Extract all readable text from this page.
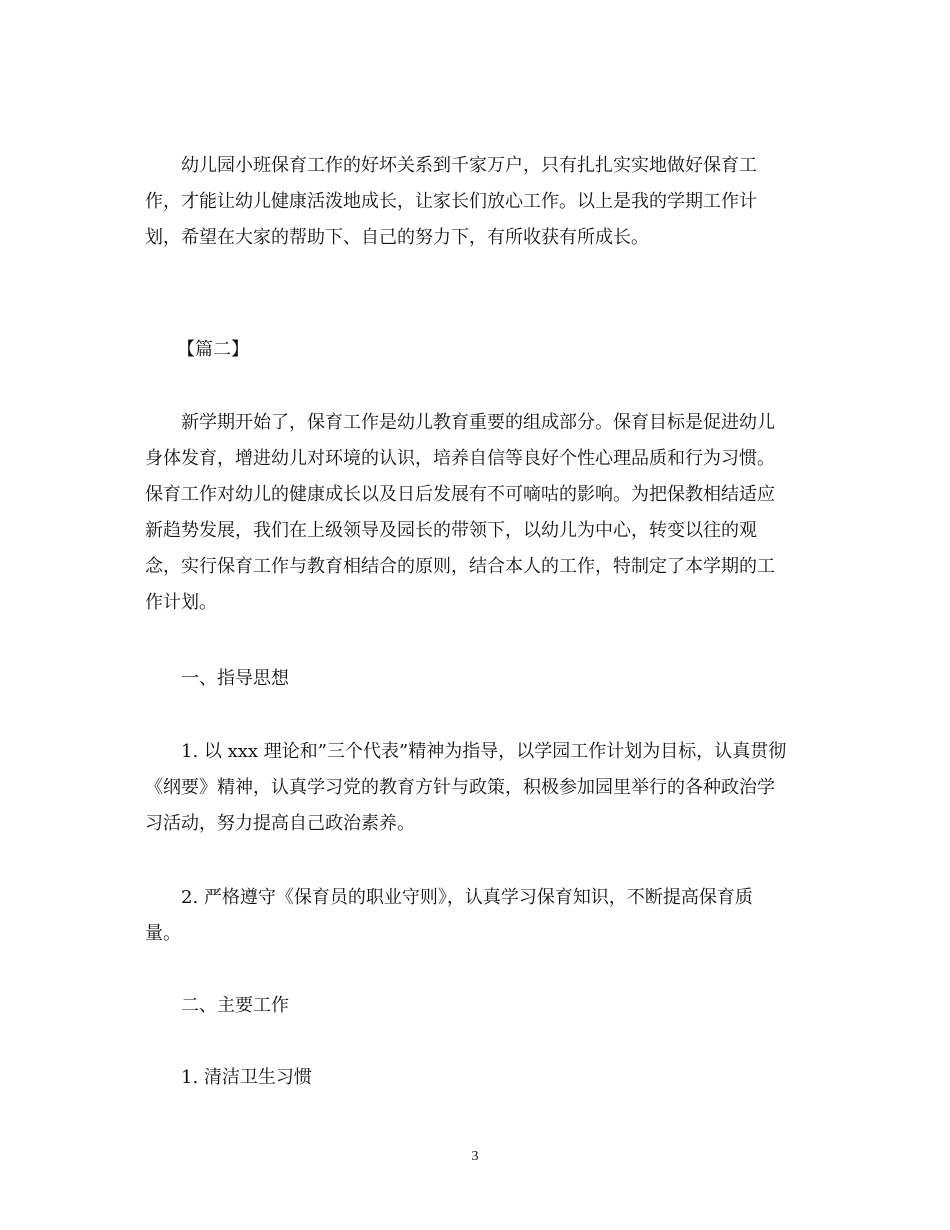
幼儿园小班保育工作的好坏关系到千家万户，只有扎扎实实地做好保育工
作，才能让幼儿健康活泼地成长，让家长们放心工作。以上是我的学期工作计
划，希望在大家的帮助下、自己的努力下，有所收获有所成长。

【篇二】

新学期开始了，保育工作是幼儿教育重要的组成部分。保育目标是促进幼儿
身体发育，增进幼儿对环境的认识，培养自信等良好个性心理品质和行为习惯。
保育工作对幼儿的健康成长以及日后发展有不可嘀咕的影响。为把保教相结适应
新趋势发展，我们在上级领导及园长的带领下，以幼儿为中心，转变以往的观
念，实行保育工作与教育相结合的原则，结合本人的工作，特制定了本学期的工
作计划。

一、指导思想

1. 以 xxx 理论和”三个代表”精神为指导，以学园工作计划为目标，认真贯彻
《纲要》精神，认真学习党的教育方针与政策，积极参加园里举行的各种政治学
习活动，努力提高自己政治素养。

2. 严格遵守《保育员的职业守则》，认真学习保育知识，不断提高保育质
量。

二、主要工作

1. 清洁卫生习惯

3
